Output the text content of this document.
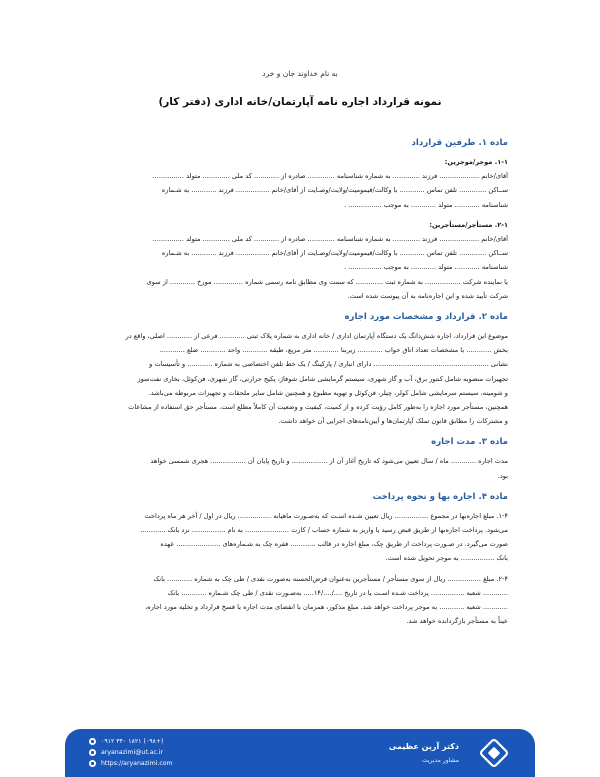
به نام خداوند جان و خرد
نمونه قرارداد اجاره نامه آپارتمان/خانه اداری (دفتر کار)
ماده ۱. طرفین قرارداد
۱-۱. موجر/موجرین:
آقای/خانم ................... فرزند ............. به شماره شناسنامه ............. صادره از ............ کد ملی ............. متولد ...............
ســاکن ............. تلفن تماس ............ با وکالت/قیمومیت/ولایت/وصـایت از آقای/خانم ................ فرزند ............ به شـماره
شناسنامه ............ متولد ............ به موجب ................ .
۲-۱. مستأجر/مستأجرین:
آقای/خانم ................... فرزند ............. به شماره شناسنامه ............. صادره از ............ کد ملی ............. متولد ...............
ســاکن ............. تلفن تماس ............ با وکالت/قیمومیت/ولایت/وصـایت از آقای/خانم ................ فرزند ............ به شـماره
شناسنامه ............ متولد ............ به موجب ................ .
یا نماینده شرکت ................. به شماره ثبت ............. که سمت وی مطابق نامه رسمی شماره .............. مورخ ............ از سوی
شرکت تأیید شده و این اجاره‌نامه به آن پیوست شده است.
ماده ۲. قرارداد و مشخصات مورد اجاره
موضوع این قرارداد، اجاره شش‌دانگ یک دستگاه آپارتمان اداری / خانه اداری به شماره پلاک ثبتی ............ فرعی از ............ اصلی، واقع در
بخش ............ با مشخصات تعداد اتاق خواب ............ زیربنا ............ متر مربع، طبقه ............ واحد ............ ضلع ............
نشانی ....................................................... دارای انباری / پارکینگ / یک خط تلفن اختصاصی به شماره ............ و تأسیسات و
تجهیزات منصوبه شامل کنتور برق، آب و گاز شهری، سیستم گرمایشی شامل شوفاژ، پکیج حرارتی، گاز شهری، فن‌کوئل، بخاری نفت‌سوز
و شومینه، سیستم سرمایشی شامل کولر، چیلر، فن‌کوئل و تهویه مطبوع و همچنین شامل سایر ملحقات و تجهیزات مربوطه می‌باشد.
همچنین، مستأجر مورد اجاره را به‌طور کامل رؤیت کرده و از کمیت، کیفیت و وضعیت آن کاملاً مطلع است. مستأجر حق استفاده از مشاعات
و مشترکات را مطابق قانون تملک آپارتمان‌ها و آیین‌نامه‌های اجرایی آن خواهد داشت.
ماده ۳. مدت اجاره
مدت اجاره ............ ماه / سال تعیین می‌شود که تاریخ آغاز آن از ................. و تاریخ پایان آن ................. هجری شمسی خواهد
بود.
ماده ۴. اجاره بها و نحوه پرداخت
۱-۴. مبلغ اجاره‌بها در مجموع ................ ریال تعیین شـده اسـت که به‌صـورت ماهیانه ................ ریال در اول / آخر هر ماه پرداخت
می‌شود. پرداخت اجاره‌بها از طریق قبض رسید یا واریز به شماره حساب / کارت ..................... به نام ................ نزد بانک ............
صورت می‌گیرد. در صـورت پرداخت از طریق چک، مبلغ اجاره در قالب ............ فقره چک به شـماره‌های ..................... عهده
بانک ................ به موجر تحویل شده است.
۲-۴. مبلغ ................ ریال از سوی مستأجر / مستأجرین به‌عنوان قرض‌الحسنه به‌صورت نقدی / طی چک به شماره ............ بانک
............ شعبه ................ پرداخت شـده اسـت یا در تاریخ ..../..../۱۴..... به‌صـورت نقدی / طی چک شـماره ............ بانک
............ شعبه ............ به موجر پرداخت خواهد شد. مبلغ مذکور، همزمان با انقضای مدت اجاره یا فسخ قرارداد و تخلیه مورد اجاره،
عیناً به مستأجر بازگردانده خواهد شد.
دکتر آرین عظیمی
مشاور مدیریت
۰۹۱۲ ۳۴۰ ۱۸۲۱ (۰۹۸+)
aryanazimi@ut.ac.ir
https://aryanazimi.com
